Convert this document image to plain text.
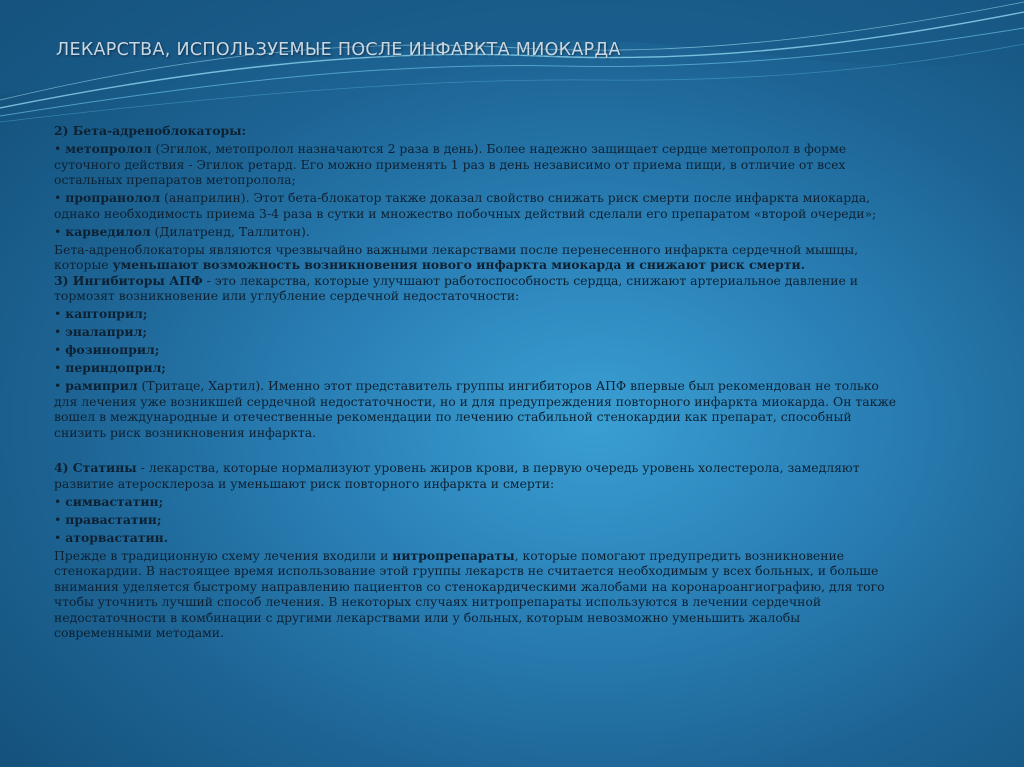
ЛЕКАРСТВА, ИСПОЛЬЗУЕМЫЕ ПОСЛЕ ИНФАРКТА МИОКАРДА

2) Бета-адреноблокаторы:

• метопролол (Эгилок, метопролол назначаются 2 раза в день). Более надежно защищает сердце метопролол в форме
суточного действия - Эгилок ретард. Его можно применять 1 раз в день независимо от приема пищи, в отличие от всех
остальных препаратов метопролола;

• пропранолол (анаприлин). Этот бета-блокатор также доказал свойство снижать риск смерти после инфаркта миокарда,
однако необходимость приема 3-4 раза в сутки и множество побочных действий сделали его препаратом «второй очереди»;

• карведилол (Дилатренд, Таллитон).

Бета-адреноблокаторы являются чрезвычайно важными лекарствами после перенесенного инфаркта сердечной мышцы,
которые уменьшают возможность возникновения нового инфаркта миокарда и снижают риск смерти.

3) Ингибиторы АПФ - это лекарства, которые улучшают работоспособность сердца, снижают артериальное давление и
тормозят возникновение или углубление сердечной недостаточности:

• каптоприл;

• эналаприл;

• фозиноприл;

• периндоприл;

• рамиприл (Тритаце, Хартил). Именно этот представитель группы ингибиторов АПФ впервые был рекомендован не только
для лечения уже возникшей сердечной недостаточности, но и для предупреждения повторного инфаркта миокарда. Он также
вошел в международные и отечественные рекомендации по лечению стабильной стенокардии как препарат, способный
снизить риск возникновения инфаркта.

4) Статины - лекарства, которые нормализуют уровень жиров крови, в первую очередь уровень холестерола, замедляют
развитие атеросклероза и уменьшают риск повторного инфаркта и смерти:

• симвастатин;

• правастатин;

• аторвастатин.

Прежде в традиционную схему лечения входили и нитропрепараты, которые помогают предупредить возникновение
стенокардии. В настоящее время использование этой группы лекарств не считается необходимым у всех больных, и больше
внимания уделяется быстрому направлению пациентов со стенокардическими жалобами на коронароангиографию, для того
чтобы уточнить лучший способ лечения. В некоторых случаях нитропрепараты используются в лечении сердечной
недостаточности в комбинации с другими лекарствами или у больных, которым невозможно уменьшить жалобы
современными методами.
